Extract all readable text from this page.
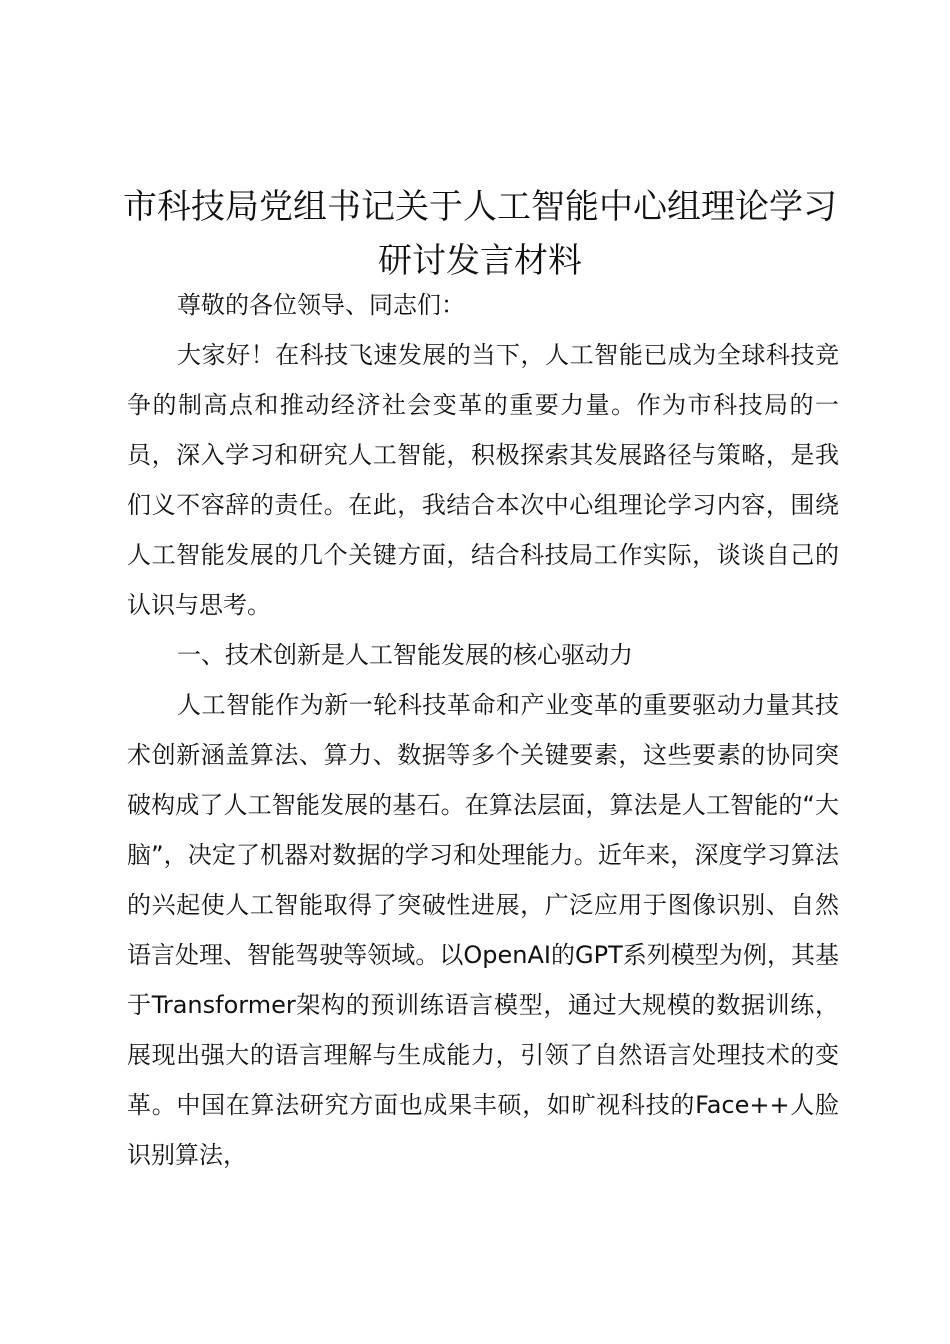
市科技局党组书记关于人工智能中心组理论学习研讨发言材料

尊敬的各位领导、同志们：

大家好！在科技飞速发展的当下，人工智能已成为全球科技竞争的制高点和推动经济社会变革的重要力量。作为市科技局的一员，深入学习和研究人工智能，积极探索其发展路径与策略，是我们义不容辞的责任。在此，我结合本次中心组理论学习内容，围绕人工智能发展的几个关键方面，结合科技局工作实际，谈谈自己的认识与思考。

一、技术创新是人工智能发展的核心驱动力

人工智能作为新一轮科技革命和产业变革的重要驱动力量其技术创新涵盖算法、算力、数据等多个关键要素，这些要素的协同突破构成了人工智能发展的基石。在算法层面，算法是人工智能的“大脑”，决定了机器对数据的学习和处理能力。近年来，深度学习算法的兴起使人工智能取得了突破性进展，广泛应用于图像识别、自然语言处理、智能驾驶等领域。以OpenAI的GPT系列模型为例，其基于Transformer架构的预训练语言模型，通过大规模的数据训练，展现出强大的语言理解与生成能力，引领了自然语言处理技术的变革。中国在算法研究方面也成果丰硕，如旷视科技的Face++人脸识别算法，
